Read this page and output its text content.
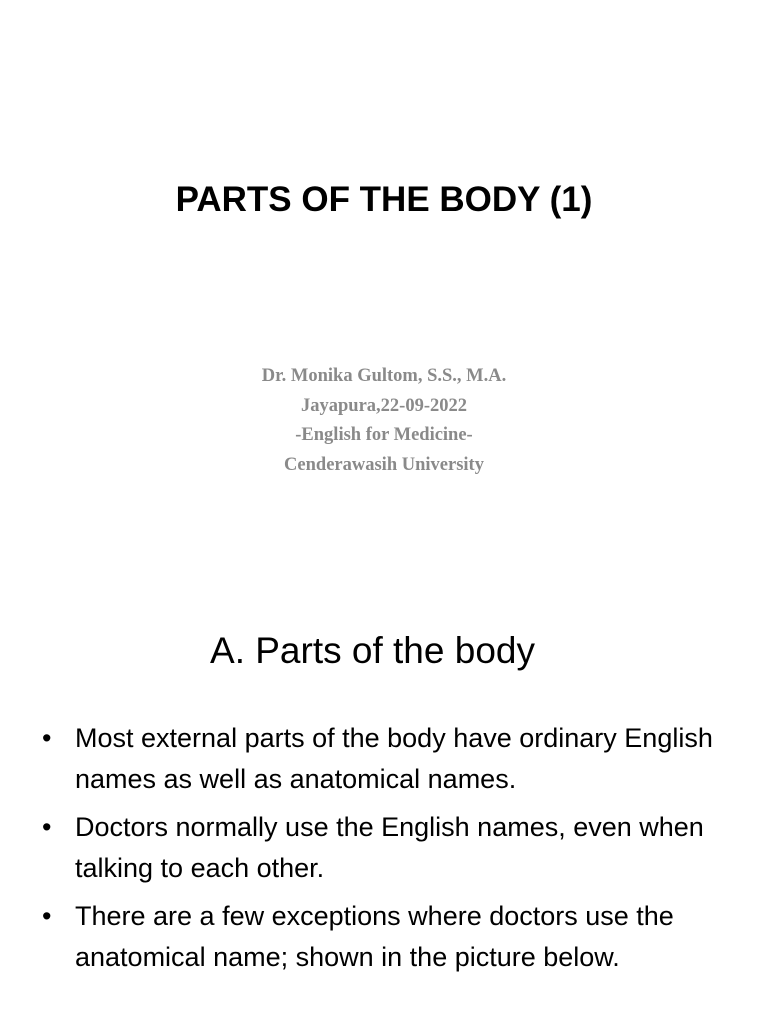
PARTS OF THE BODY (1)
Dr. Monika Gultom, S.S., M.A.
Jayapura,22-09-2022
-English for Medicine-
Cenderawasih University
A. Parts of the body
• Most external parts of the body have ordinary English names as well as anatomical names.
• Doctors normally use the English names, even when talking to each other.
• There are a few exceptions where doctors use the anatomical name; shown in the picture below.
